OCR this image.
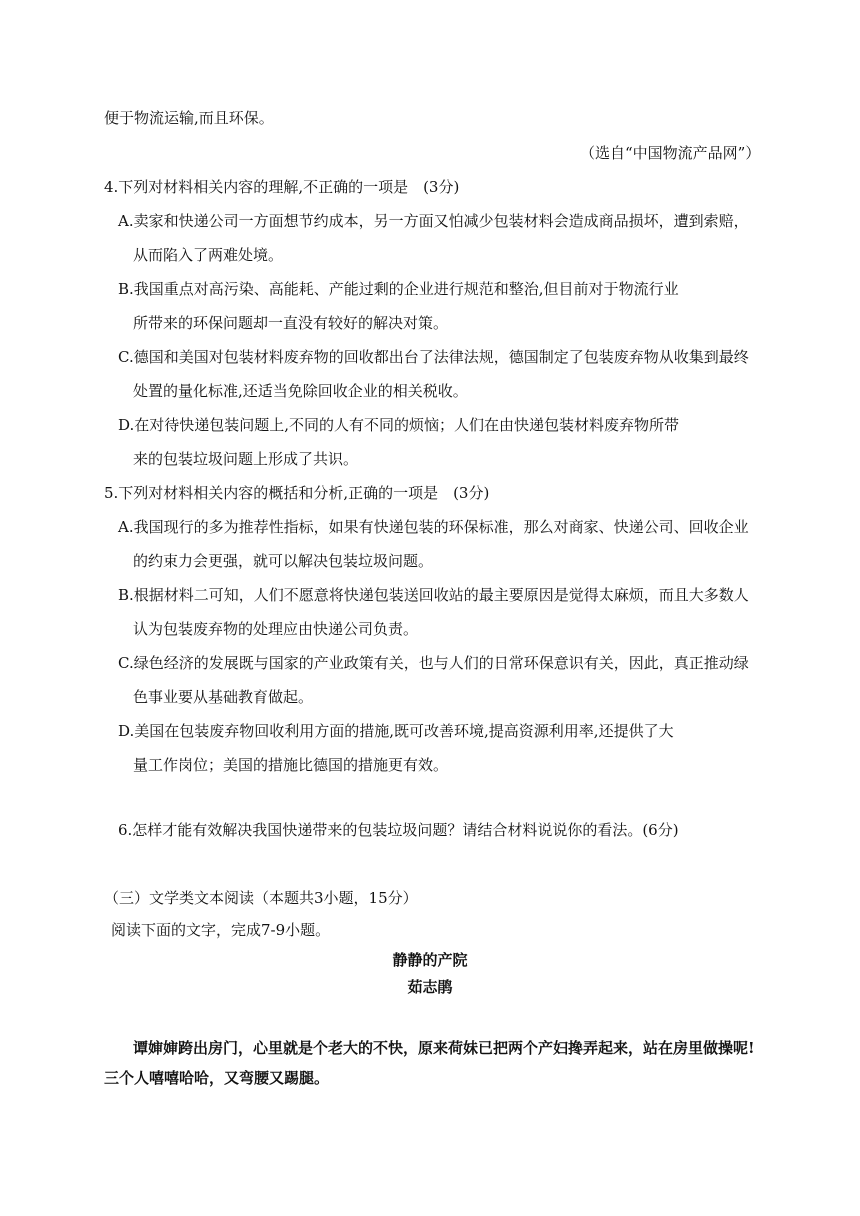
便于物流运输,而且环保。
（选自“中国物流产品网”）
4.下列对材料相关内容的理解,不正确的一项是　(3分)
A.卖家和快递公司一方面想节约成本，另一方面又怕减少包装材料会造成商品损坏，遭到索赔，
从而陷入了两难处境。
B.我国重点对高污染、高能耗、产能过剩的企业进行规范和整治,但目前对于物流行业
所带来的环保问题却一直没有较好的解决对策。
C.德国和美国对包装材料废弃物的回收都出台了法律法规，德国制定了包装废弃物从收集到最终
处置的量化标准,还适当免除回收企业的相关税收。
D.在对待快递包装问题上,不同的人有不同的烦恼；人们在由快递包装材料废弃物所带
来的包装垃圾问题上形成了共识。
5.下列对材料相关内容的概括和分析,正确的一项是　(3分)
A.我国现行的多为推荐性指标，如果有快递包装的环保标准，那么对商家、快递公司、回收企业
的约束力会更强，就可以解决包装垃圾问题。
B.根据材料二可知，人们不愿意将快递包装送回收站的最主要原因是觉得太麻烦，而且大多数人
认为包装废弃物的处理应由快递公司负责。
C.绿色经济的发展既与国家的产业政策有关，也与人们的日常环保意识有关，因此，真正推动绿
色事业要从基础教育做起。
D.美国在包装废弃物回收利用方面的措施,既可改善环境,提高资源利用率,还提供了大
量工作岗位；美国的措施比德国的措施更有效。
6.怎样才能有效解决我国快递带来的包装垃圾问题？请结合材料说说你的看法。(6分)
（三）文学类文本阅读（本题共3小题，15分）
阅读下面的文字，完成7-9小题。
静静的产院
茹志鹃
谭婶婶跨出房门，心里就是个老大的不快，原来荷妹已把两个产妇搀弄起来，站在房里做操呢!
三个人嘻嘻哈哈，又弯腰又踢腿。
